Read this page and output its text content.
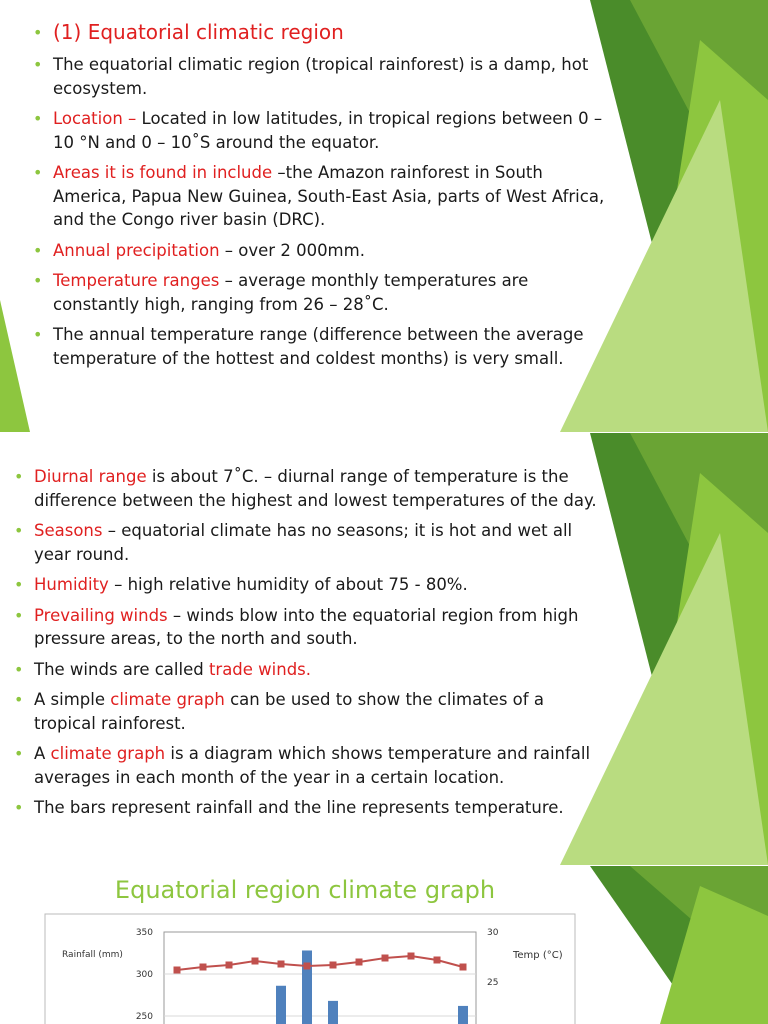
• (1) Equatorial climatic region
• The equatorial climatic region (tropical rainforest) is a damp, hot ecosystem.
• Location – Located in low latitudes, in tropical regions between 0 – 10 °N and 0 – 10˚S around the equator.
• Areas it is found in include –the Amazon rainforest in South America, Papua New Guinea, South-East Asia, parts of West Africa, and the Congo river basin (DRC).
• Annual precipitation – over 2 000mm.
• Temperature ranges – average monthly temperatures are constantly high, ranging from 26 – 28˚C.
• The annual temperature range (difference between the average temperature of the hottest and coldest months) is very small.
• Diurnal range is about 7˚C. – diurnal range of temperature is the difference between the highest and lowest temperatures of the day.
• Seasons – equatorial climate has no seasons; it is hot and wet all year round.
• Humidity – high relative humidity of about 75 - 80%.
• Prevailing winds – winds blow into the equatorial region from high pressure areas, to the north and south.
• The winds are called trade winds.
• A simple climate graph can be used to show the climates of a tropical rainforest.
• A climate graph is a diagram which shows temperature and rainfall averages in each month of the year in a certain location.
• The bars represent rainfall and the line represents temperature.
Equatorial region climate graph
350
300
250
30
25
Rainfall (mm)	Temp (°C)
